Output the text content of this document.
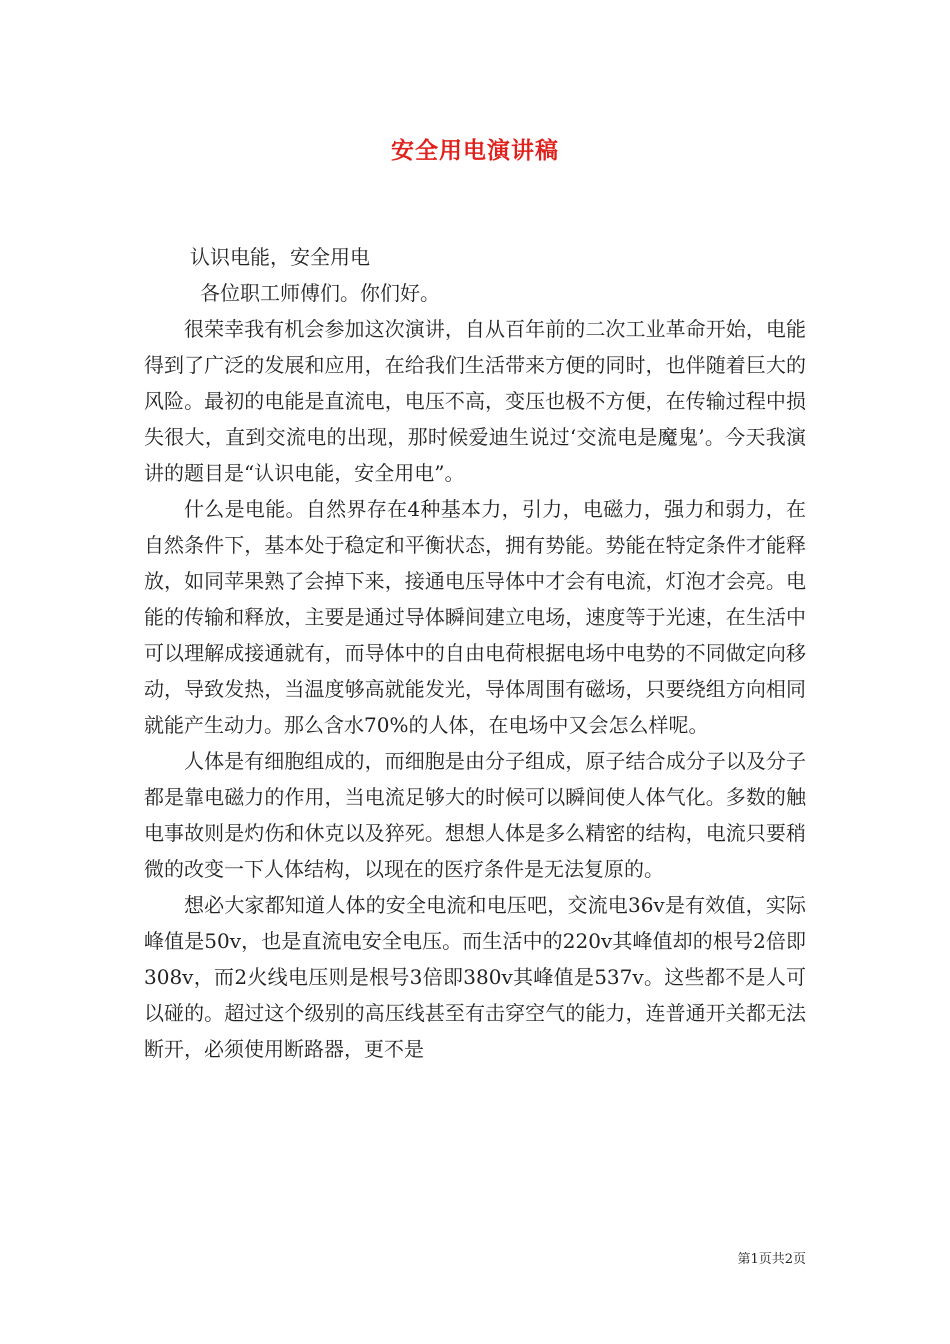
安全用电演讲稿

认识电能，安全用电

各位职工师傅们。你们好。

很荣幸我有机会参加这次演讲，自从百年前的二次工业革命开始，电能得到了广泛的发展和应用，在给我们生活带来方便的同时，也伴随着巨大的风险。最初的电能是直流电，电压不高，变压也极不方便，在传输过程中损失很大，直到交流电的出现，那时候爱迪生说过‘交流电是魔鬼’。今天我演讲的题目是“认识电能，安全用电”。

什么是电能。自然界存在4种基本力，引力，电磁力，强力和弱力，在自然条件下，基本处于稳定和平衡状态，拥有势能。势能在特定条件才能释放，如同苹果熟了会掉下来，接通电压导体中才会有电流，灯泡才会亮。电能的传输和释放，主要是通过导体瞬间建立电场，速度等于光速，在生活中可以理解成接通就有，而导体中的自由电荷根据电场中电势的不同做定向移动，导致发热，当温度够高就能发光，导体周围有磁场，只要绕组方向相同就能产生动力。那么含水70%的人体，在电场中又会怎么样呢。

人体是有细胞组成的，而细胞是由分子组成，原子结合成分子以及分子都是靠电磁力的作用，当电流足够大的时候可以瞬间使人体气化。多数的触电事故则是灼伤和休克以及猝死。想想人体是多么精密的结构，电流只要稍微的改变一下人体结构，以现在的医疗条件是无法复原的。

想必大家都知道人体的安全电流和电压吧，交流电36v是有效值，实际峰值是50v，也是直流电安全电压。而生活中的220v其峰值却的根号2倍即308v，而2火线电压则是根号3倍即380v其峰值是537v。这些都不是人可以碰的。超过这个级别的高压线甚至有击穿空气的能力，连普通开关都无法断开，必须使用断路器，更不是

第1页共2页
